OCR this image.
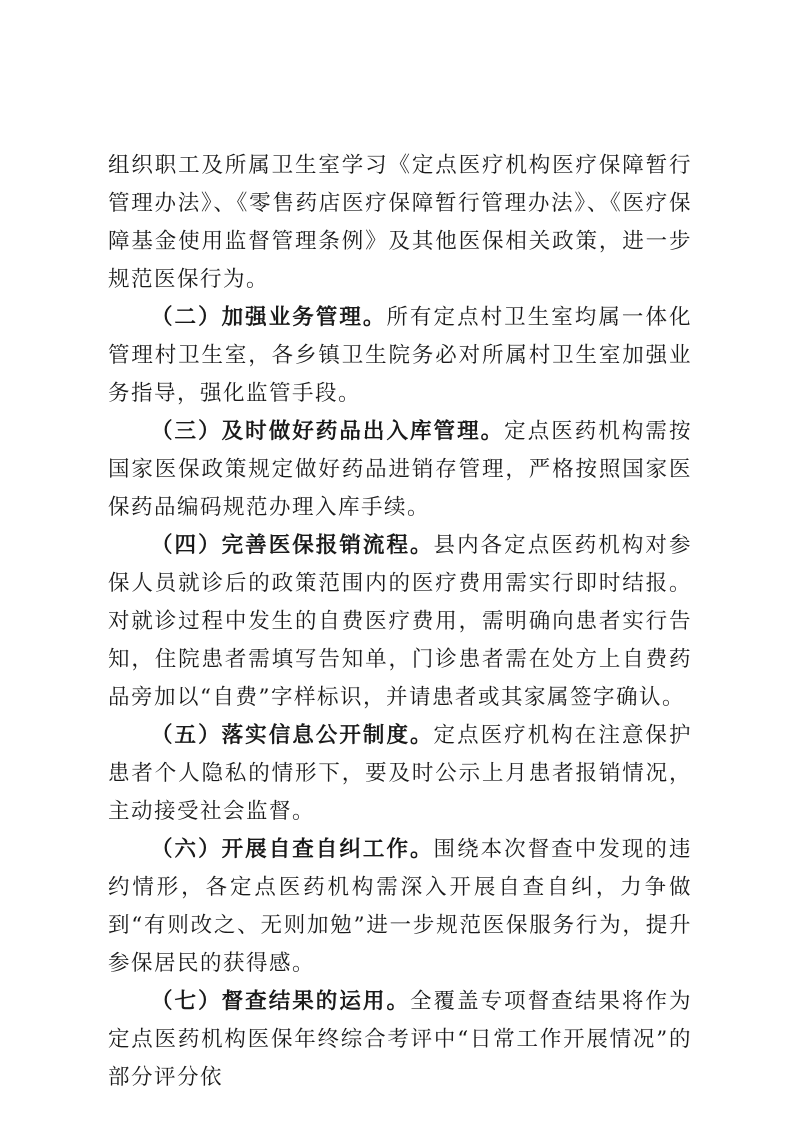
组织职工及所属卫生室学习《定点医疗机构医疗保障暂行管理办法》、《零售药店医疗保障暂行管理办法》、《医疗保障基金使用监督管理条例》及其他医保相关政策，进一步规范医保行为。

（二）加强业务管理。所有定点村卫生室均属一体化管理村卫生室，各乡镇卫生院务必对所属村卫生室加强业务指导，强化监管手段。

（三）及时做好药品出入库管理。定点医药机构需按国家医保政策规定做好药品进销存管理，严格按照国家医保药品编码规范办理入库手续。

（四）完善医保报销流程。县内各定点医药机构对参保人员就诊后的政策范围内的医疗费用需实行即时结报。对就诊过程中发生的自费医疗费用，需明确向患者实行告知，住院患者需填写告知单，门诊患者需在处方上自费药品旁加以“自费”字样标识，并请患者或其家属签字确认。

（五）落实信息公开制度。定点医疗机构在注意保护患者个人隐私的情形下，要及时公示上月患者报销情况，主动接受社会监督。

（六）开展自查自纠工作。围绕本次督查中发现的违约情形，各定点医药机构需深入开展自查自纠，力争做到“有则改之、无则加勉”进一步规范医保服务行为，提升参保居民的获得感。

（七）督查结果的运用。全覆盖专项督查结果将作为定点医药机构医保年终综合考评中“日常工作开展情况”的部分评分依
